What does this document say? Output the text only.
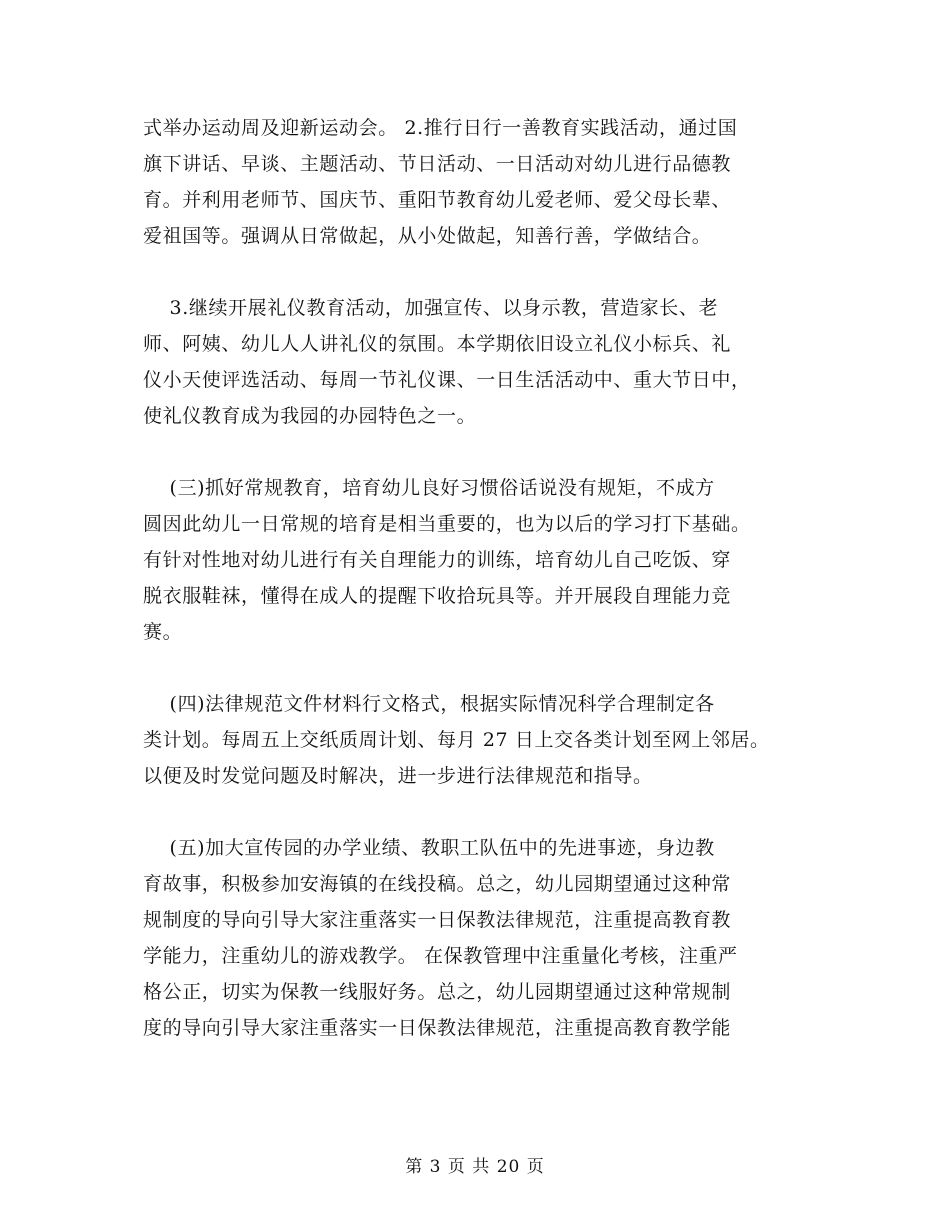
式举办运动周及迎新运动会。 2.推行日行一善教育实践活动，通过国
旗下讲话、早谈、主题活动、节日活动、一日活动对幼儿进行品德教
育。并利用老师节、国庆节、重阳节教育幼儿爱老师、爱父母长辈、
爱祖国等。强调从日常做起，从小处做起，知善行善，学做结合。

3.继续开展礼仪教育活动，加强宣传、以身示教，营造家长、老
师、阿姨、幼儿人人讲礼仪的氛围。本学期依旧设立礼仪小标兵、礼
仪小天使评选活动、每周一节礼仪课、一日生活活动中、重大节日中，
使礼仪教育成为我园的办园特色之一。

(三)抓好常规教育，培育幼儿良好习惯俗话说没有规矩，不成方
圆因此幼儿一日常规的培育是相当重要的，也为以后的学习打下基础。
有针对性地对幼儿进行有关自理能力的训练，培育幼儿自己吃饭、穿
脱衣服鞋袜，懂得在成人的提醒下收拾玩具等。并开展段自理能力竞
赛。

(四)法律规范文件材料行文格式，根据实际情况科学合理制定各
类计划。每周五上交纸质周计划、每月 27 日上交各类计划至网上邻居。
以便及时发觉问题及时解决，进一步进行法律规范和指导。

(五)加大宣传园的办学业绩、教职工队伍中的先进事迹，身边教
育故事，积极参加安海镇的在线投稿。总之，幼儿园期望通过这种常
规制度的导向引导大家注重落实一日保教法律规范，注重提高教育教
学能力，注重幼儿的游戏教学。 在保教管理中注重量化考核，注重严
格公正，切实为保教一线服好务。总之，幼儿园期望通过这种常规制
度的导向引导大家注重落实一日保教法律规范，注重提高教育教学能

第 3 页 共 20 页
